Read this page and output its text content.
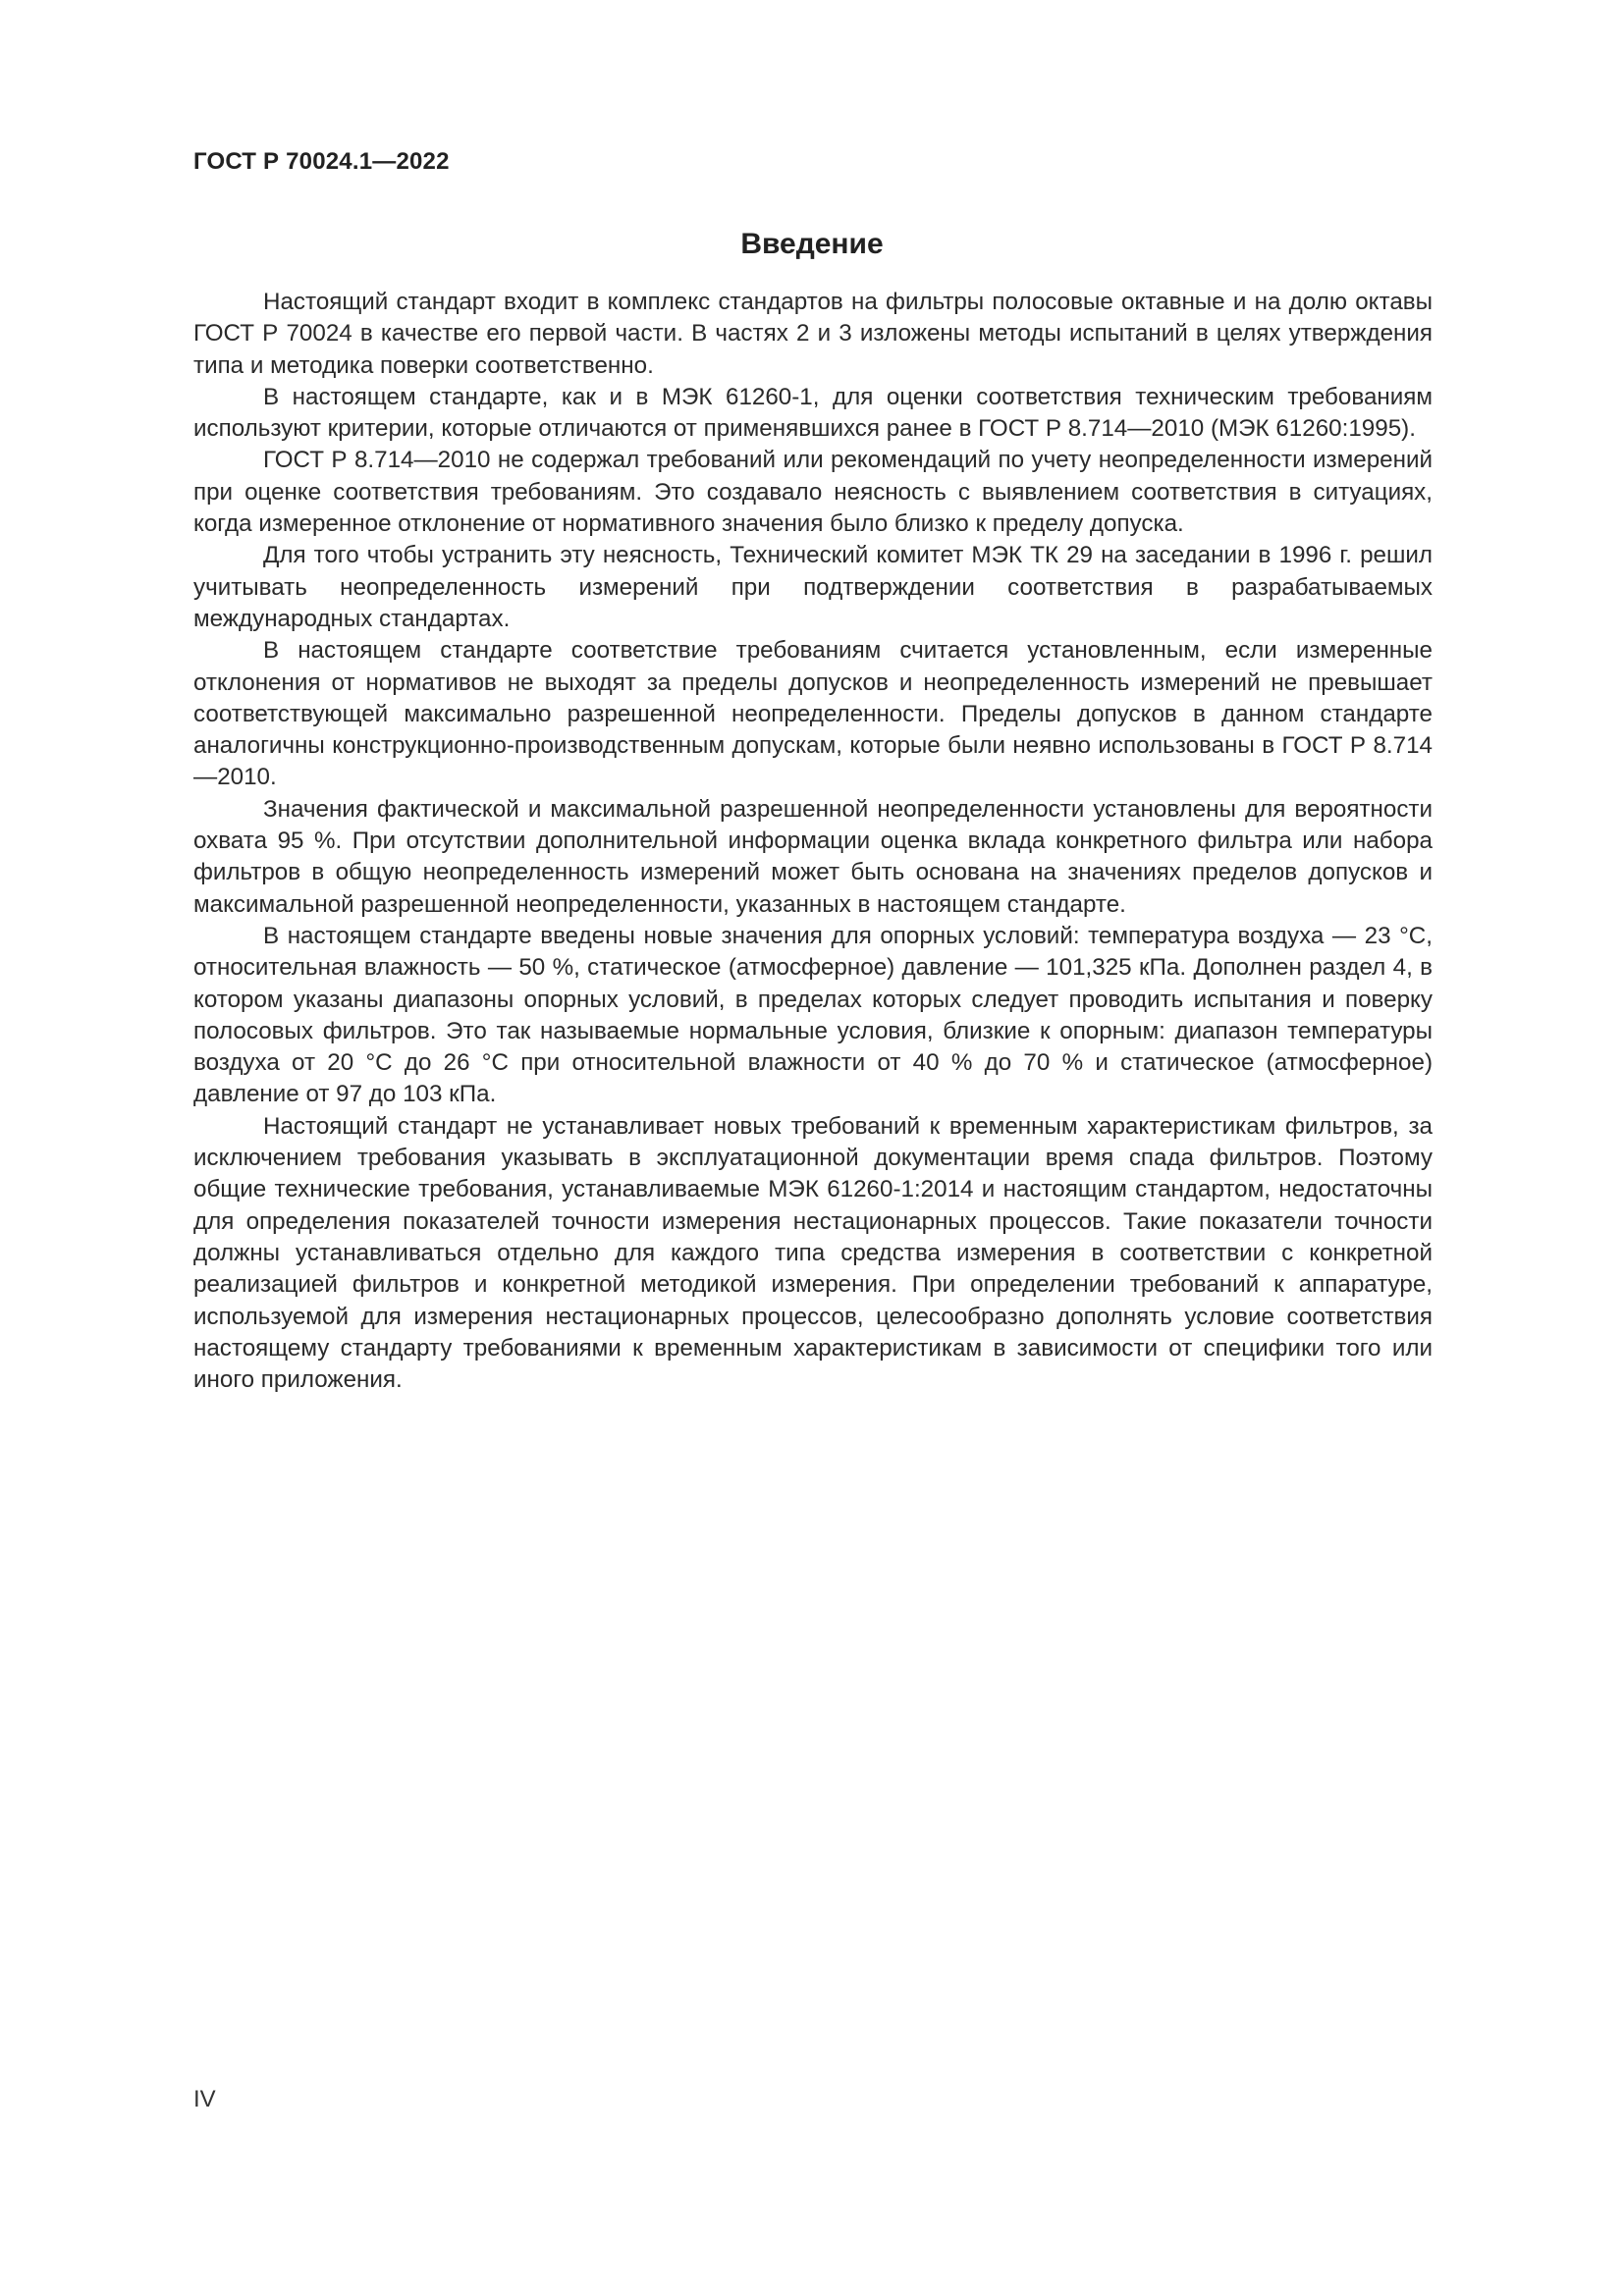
ГОСТ Р 70024.1—2022
Введение

Настоящий стандарт входит в комплекс стандартов на фильтры полосовые октавные и на долю октавы ГОСТ Р 70024 в качестве его первой части. В частях 2 и 3 изложены методы испытаний в целях утверждения типа и методика поверки соответственно.

В настоящем стандарте, как и в МЭК 61260-1, для оценки соответствия техническим требованиям используют критерии, которые отличаются от применявшихся ранее в ГОСТ Р 8.714—2010 (МЭК 61260:1995).

ГОСТ Р 8.714—2010 не содержал требований или рекомендаций по учету неопределенности измерений при оценке соответствия требованиям. Это создавало неясность с выявлением соответствия в ситуациях, когда измеренное отклонение от нормативного значения было близко к пределу допуска.

Для того чтобы устранить эту неясность, Технический комитет МЭК ТК 29 на заседании в 1996 г. решил учитывать неопределенность измерений при подтверждении соответствия в разрабатываемых международных стандартах.

В настоящем стандарте соответствие требованиям считается установленным, если измеренные отклонения от нормативов не выходят за пределы допусков и неопределенность измерений не превышает соответствующей максимально разрешенной неопределенности. Пределы допусков в данном стандарте аналогичны конструкционно-производственным допускам, которые были неявно использованы в ГОСТ Р 8.714—2010.

Значения фактической и максимальной разрешенной неопределенности установлены для вероятности охвата 95 %. При отсутствии дополнительной информации оценка вклада конкретного фильтра или набора фильтров в общую неопределенность измерений может быть основана на значениях пределов допусков и максимальной разрешенной неопределенности, указанных в настоящем стандарте.

В настоящем стандарте введены новые значения для опорных условий: температура воздуха — 23 °С, относительная влажность — 50 %, статическое (атмосферное) давление — 101,325 кПа. Дополнен раздел 4, в котором указаны диапазоны опорных условий, в пределах которых следует проводить испытания и поверку полосовых фильтров. Это так называемые нормальные условия, близкие к опорным: диапазон температуры воздуха от 20 °С до 26 °С при относительной влажности от 40 % до 70 % и статическое (атмосферное) давление от 97 до 103 кПа.

Настоящий стандарт не устанавливает новых требований к временным характеристикам фильтров, за исключением требования указывать в эксплуатационной документации время спада фильтров. Поэтому общие технические требования, устанавливаемые МЭК 61260-1:2014 и настоящим стандартом, недостаточны для определения показателей точности измерения нестационарных процессов. Такие показатели точности должны устанавливаться отдельно для каждого типа средства измерения в соответствии с конкретной реализацией фильтров и конкретной методикой измерения. При определении требований к аппаратуре, используемой для измерения нестационарных процессов, целесообразно дополнять условие соответствия настоящему стандарту требованиями к временным характеристикам в зависимости от специфики того или иного приложения.

IV
